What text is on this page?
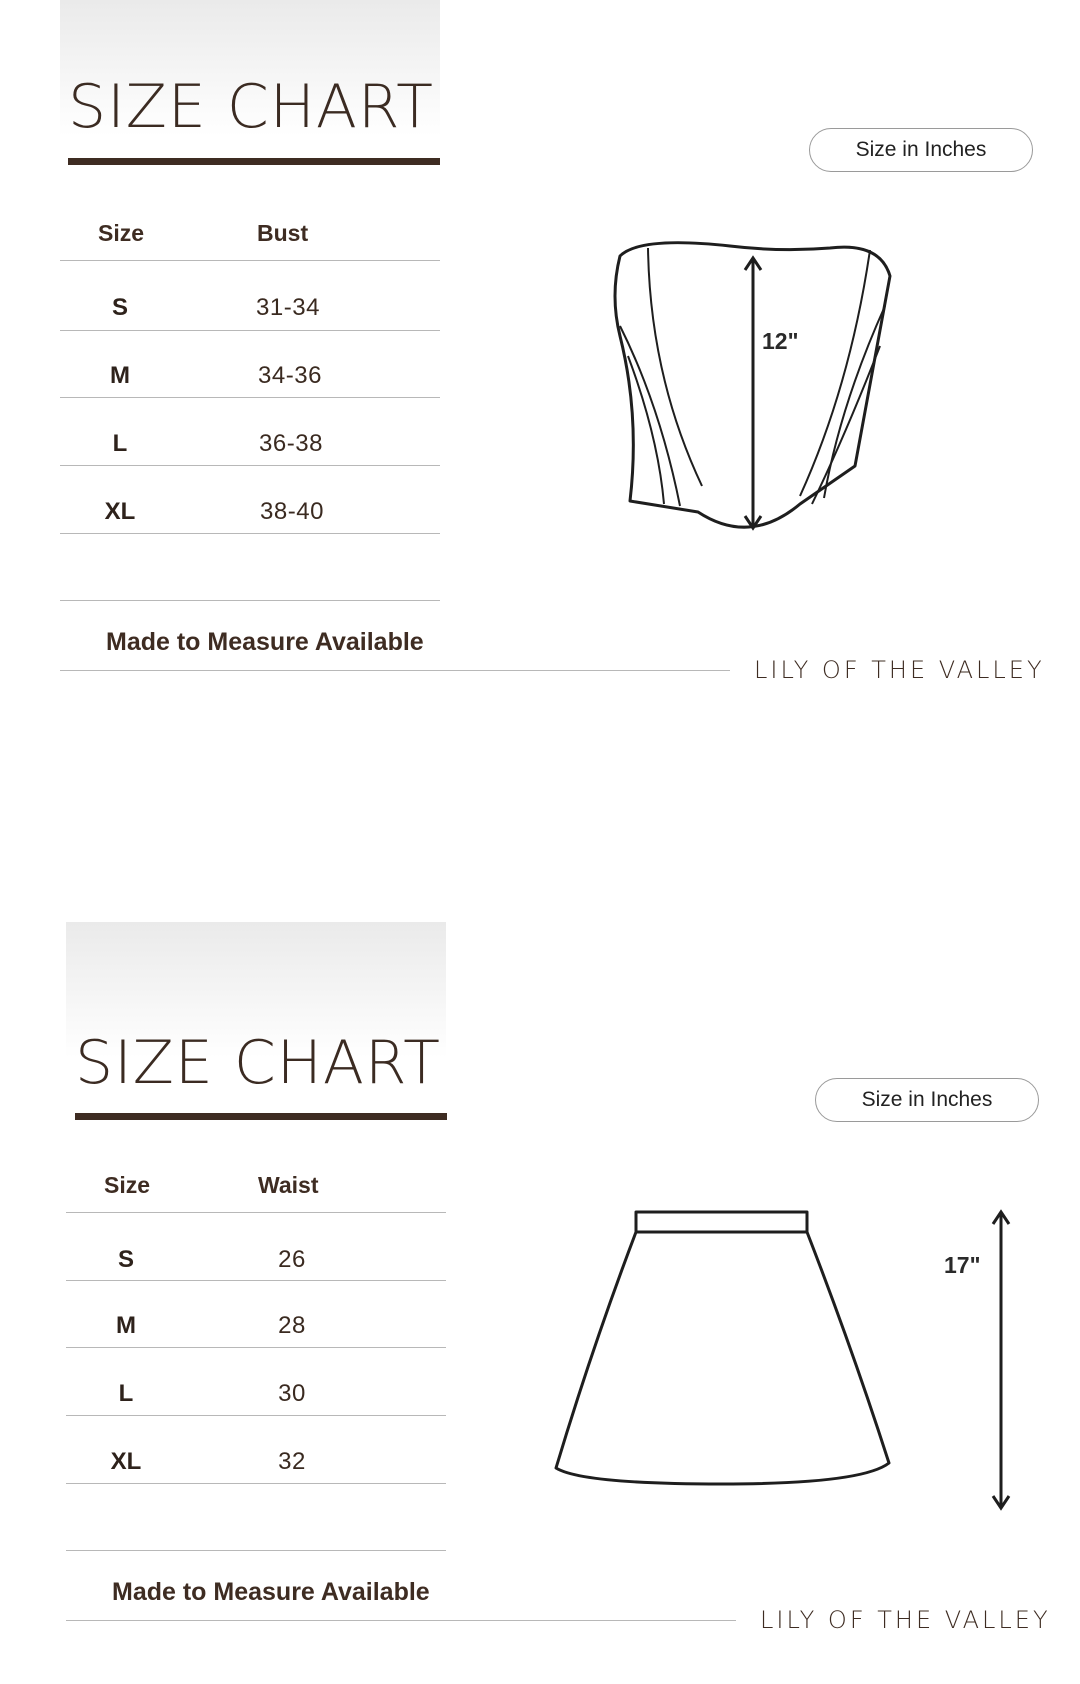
SIZE CHART
Size	Bust
S	31-34
M	34-36
L	36-38
XL	38-40
Made to Measure Available
LILY OF THE VALLEY
Size in Inches
12"
SIZE CHART
Size	Waist
S	26
M	28
L	30
XL	32
Made to Measure Available
LILY OF THE VALLEY
Size in Inches
17"
